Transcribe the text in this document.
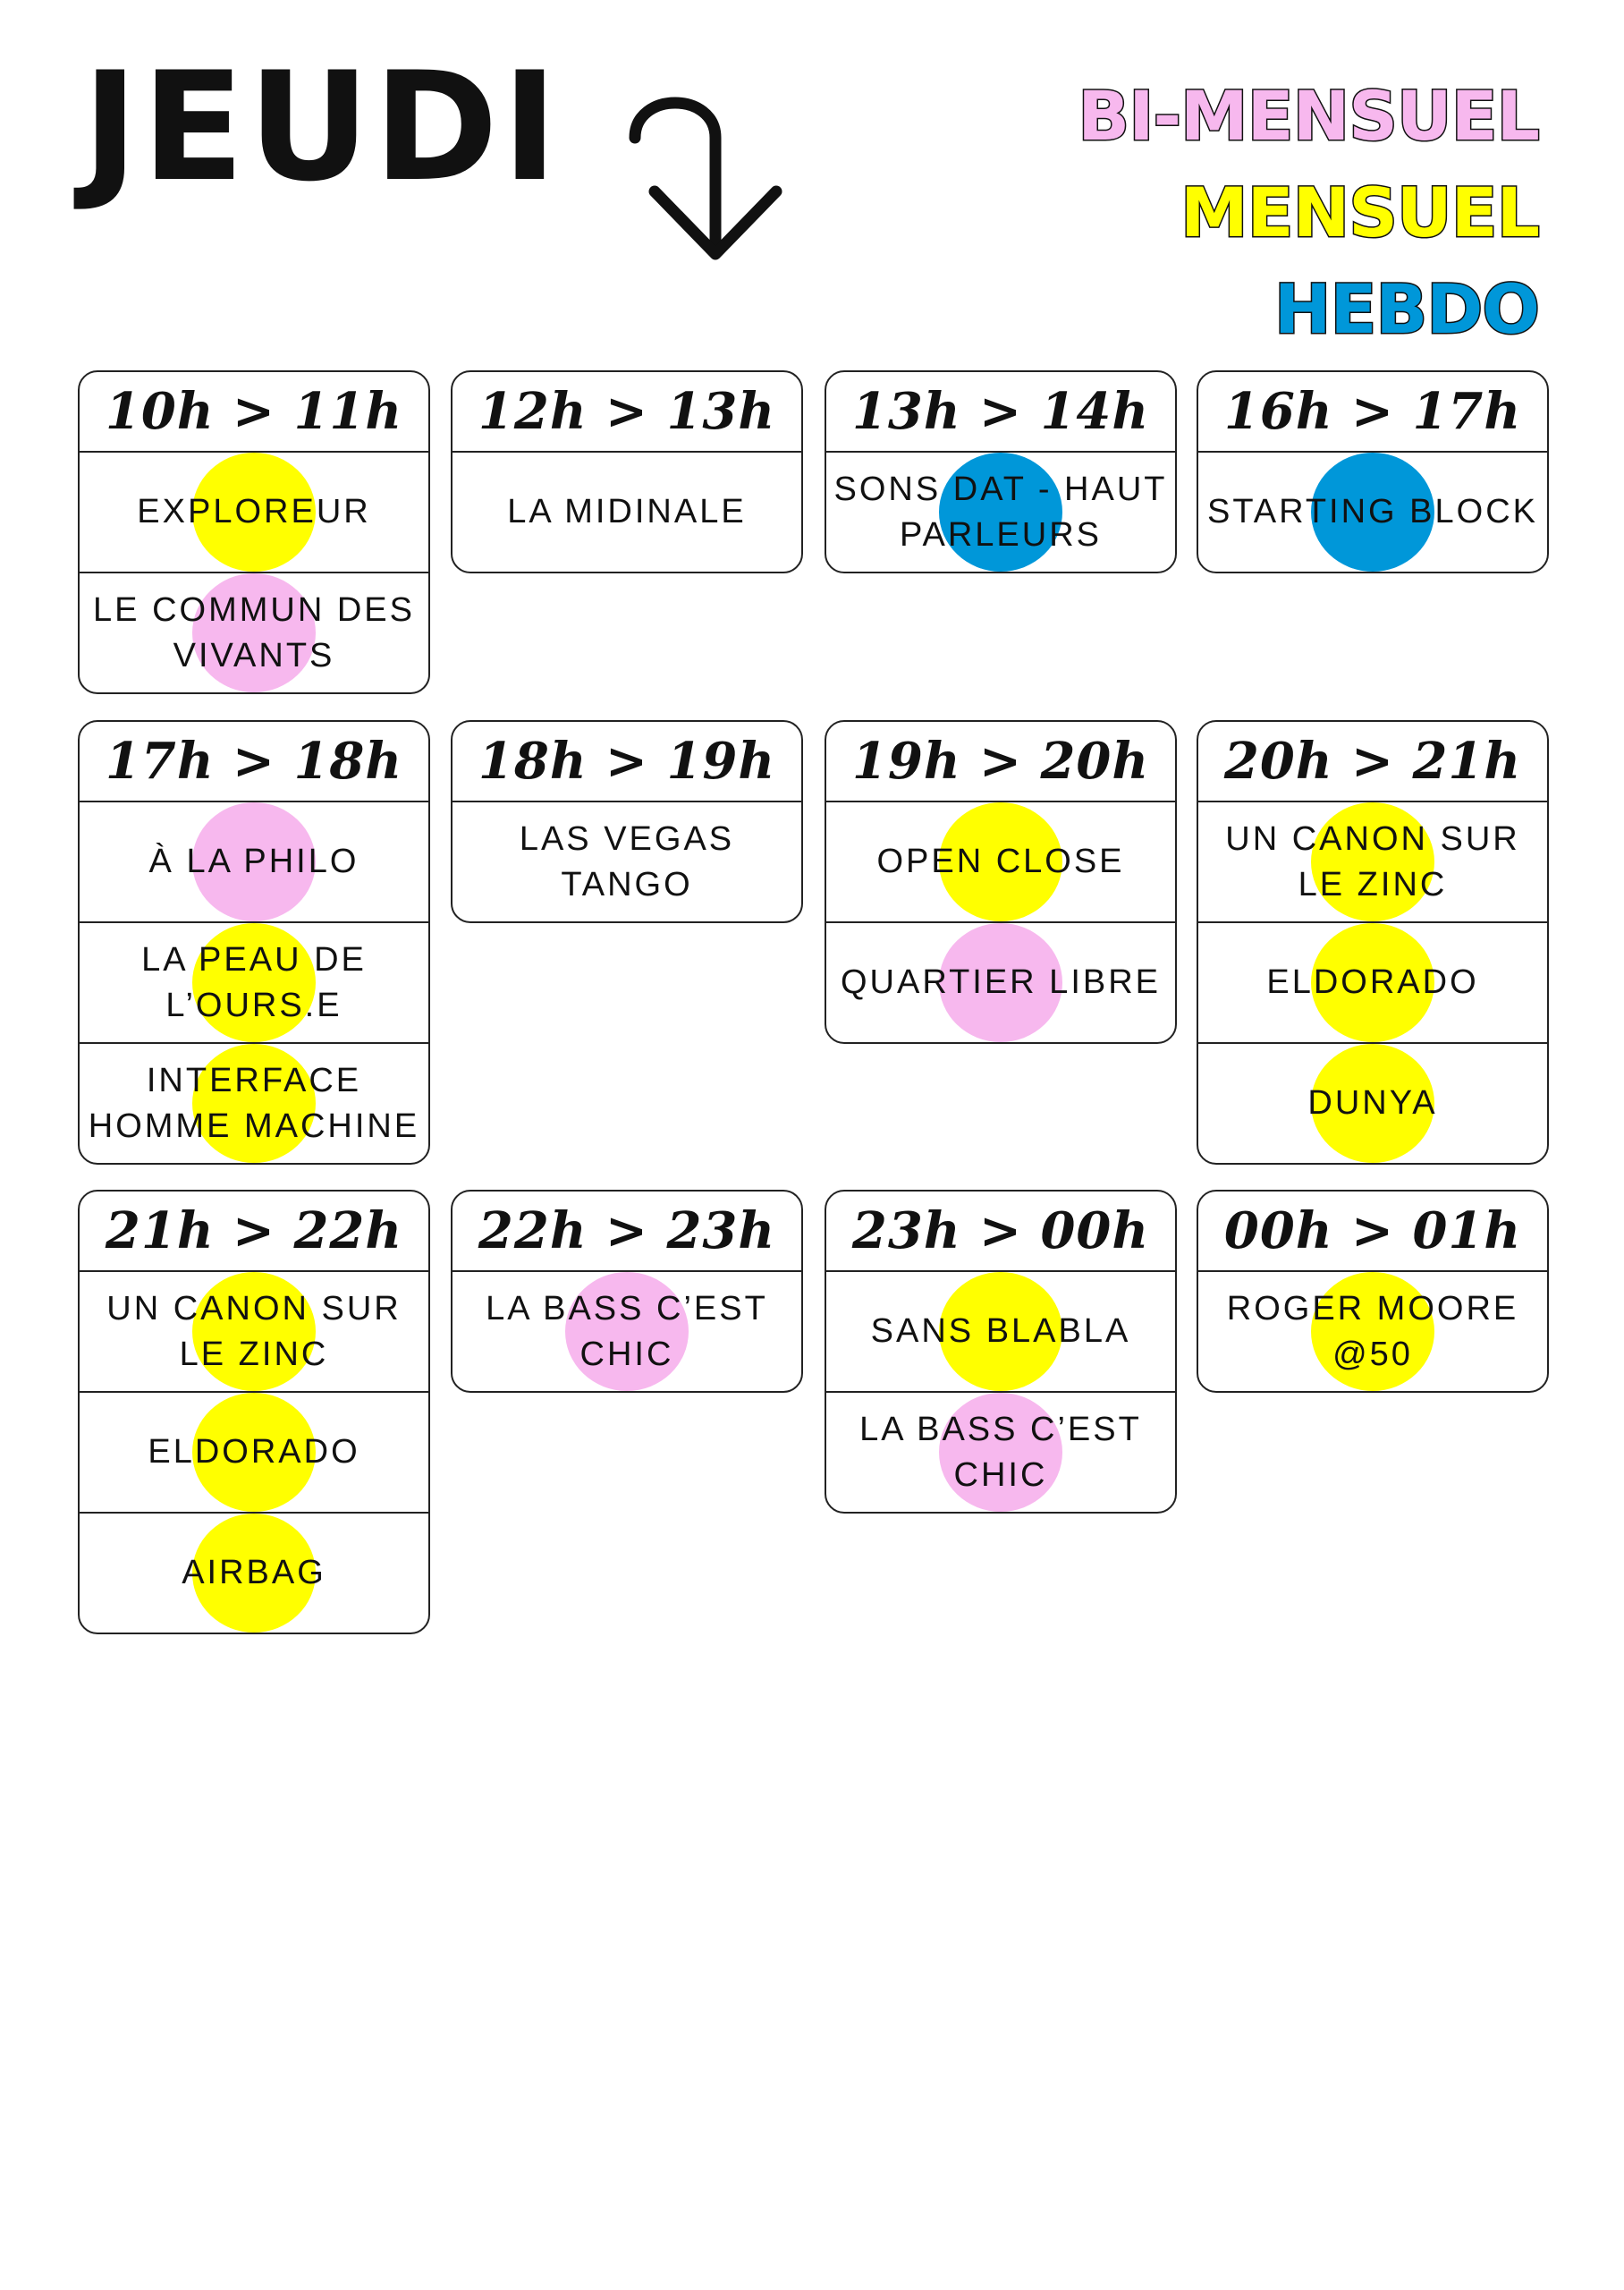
JEUDI	BI-MENSUEL
MENSUEL
HEBDO
10h > 11h
EXPLOREUR
LE COMMUN DES VIVANTS
12h > 13h
LA MIDINALE
13h > 14h
SONS DAT - HAUT PARLEURS
16h > 17h
STARTING BLOCK
17h > 18h
À LA PHILO
LA PEAU DE L’OURS.E
INTERFACE HOMME MACHINE
18h > 19h
LAS VEGAS TANGO
19h > 20h
OPEN CLOSE
QUARTIER LIBRE
20h > 21h
UN CANON SUR LE ZINC
ELDORADO
DUNYA
21h > 22h
UN CANON SUR LE ZINC
ELDORADO
AIRBAG
22h > 23h
LA BASS C’EST CHIC
23h > 00h
SANS BLABLA
LA BASS C’EST CHIC
00h > 01h
ROGER MOORE @50
